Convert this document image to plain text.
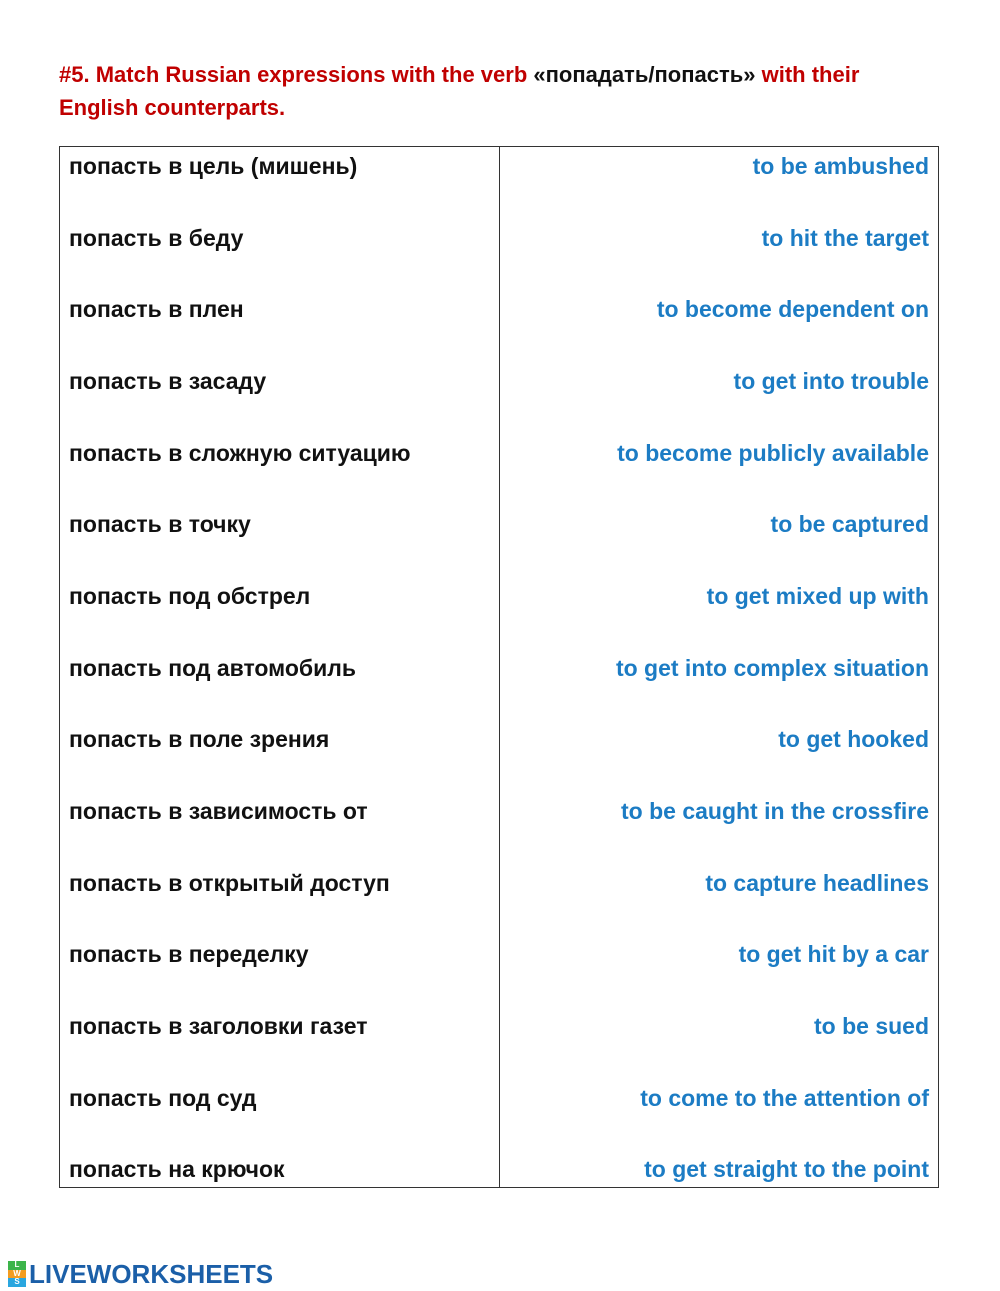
#5. Match Russian expressions with the verb «попадать/попасть» with their English counterparts.
попасть в цель (мишень)
попасть в беду
попасть в плен
попасть в засаду
попасть в сложную ситуацию
попасть в точку
попасть под обстрел
попасть под автомобиль
попасть в поле зрения
попасть в зависимость от
попасть в открытый доступ
попасть в переделку
попасть в заголовки газет
попасть под суд
попасть на крючок
to be ambushed
to hit the target
to become dependent on
to get into trouble
to become publicly available
to be captured
to get mixed up with
to get into complex situation
to get hooked
to be caught in the crossfire
to capture headlines
to get hit by a car
to be sued
to come to the attention of
to get straight to the point
L
W
S LIVEWORKSHEETS
